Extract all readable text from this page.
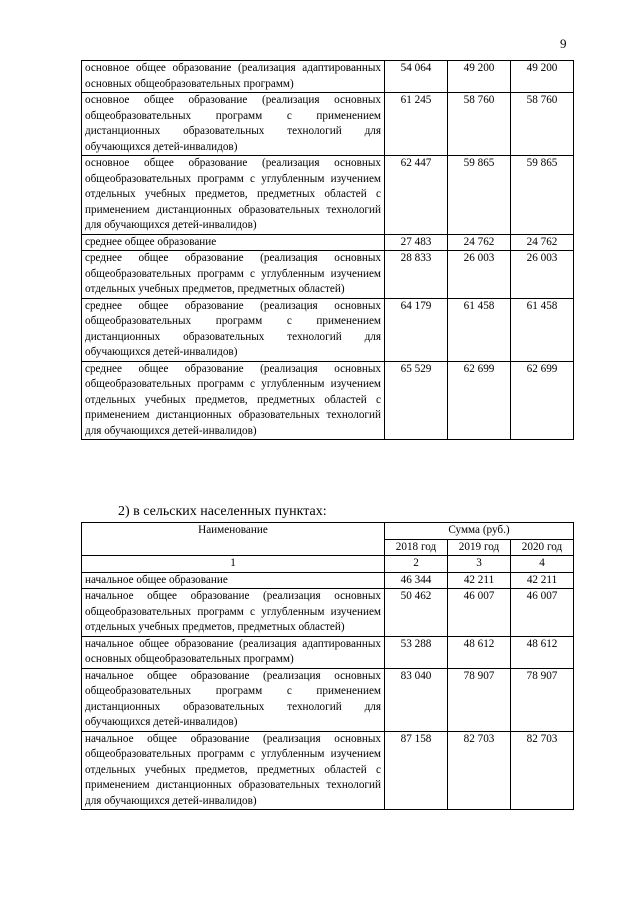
9
основное общее образование (реализация адаптированных основных общеобразовательных программ)	54 064	49 200	49 200
основное общее образование (реализация основных общеобразовательных программ с применением дистанционных образовательных технологий для обучающихся детей-инвалидов)	61 245	58 760	58 760
основное общее образование (реализация основных общеобразовательных программ с углубленным изучением отдельных учебных предметов, предметных областей с применением дистанционных образовательных технологий для обучающихся детей-инвалидов)	62 447	59 865	59 865
среднее общее образование	27 483	24 762	24 762
среднее общее образование (реализация основных общеобразовательных программ с углубленным изучением отдельных учебных предметов, предметных областей)	28 833	26 003	26 003
среднее общее образование (реализация основных общеобразовательных программ с применением дистанционных образовательных технологий для обучающихся детей-инвалидов)	64 179	61 458	61 458
среднее общее образование (реализация основных общеобразовательных программ с углубленным изучением отдельных учебных предметов, предметных областей с применением дистанционных образовательных технологий для обучающихся детей-инвалидов)	65 529	62 699	62 699
2) в сельских населенных пунктах:
Наименование	Сумма (руб.)		
	2018 год	2019 год	2020 год
1	2	3	4
начальное общее образование	46 344	42 211	42 211
начальное общее образование (реализация основных общеобразовательных программ с углубленным изучением отдельных учебных предметов, предметных областей)	50 462	46 007	46 007
начальное общее образование (реализация адаптированных основных общеобразовательных программ)	53 288	48 612	48 612
начальное общее образование (реализация основных общеобразовательных программ с применением дистанционных образовательных технологий для обучающихся детей-инвалидов)	83 040	78 907	78 907
начальное общее образование (реализация основных общеобразовательных программ с углубленным изучением отдельных учебных предметов, предметных областей с применением дистанционных образовательных технологий для обучающихся детей-инвалидов)	87 158	82 703	82 703
